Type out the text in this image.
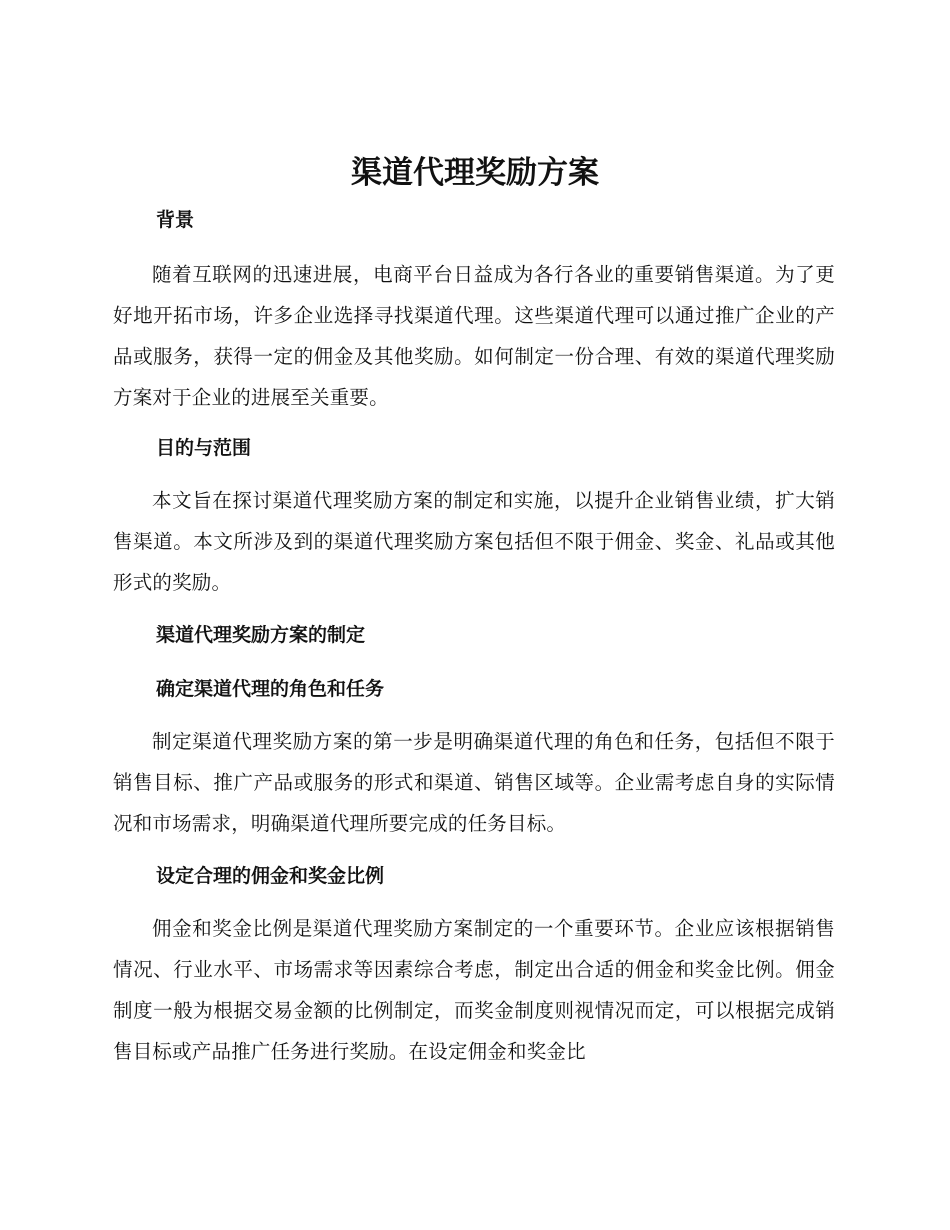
渠道代理奖励方案
背景

随着互联网的迅速进展，电商平台日益成为各行各业的重要销售渠道。为了更好地开拓市场，许多企业选择寻找渠道代理。这些渠道代理可以通过推广企业的产品或服务，获得一定的佣金及其他奖励。如何制定一份合理、有效的渠道代理奖励方案对于企业的进展至关重要。

目的与范围

本文旨在探讨渠道代理奖励方案的制定和实施，以提升企业销售业绩，扩大销售渠道。本文所涉及到的渠道代理奖励方案包括但不限于佣金、奖金、礼品或其他形式的奖励。

渠道代理奖励方案的制定
确定渠道代理的角色和任务

制定渠道代理奖励方案的第一步是明确渠道代理的角色和任务，包括但不限于销售目标、推广产品或服务的形式和渠道、销售区域等。企业需考虑自身的实际情况和市场需求，明确渠道代理所要完成的任务目标。

设定合理的佣金和奖金比例

佣金和奖金比例是渠道代理奖励方案制定的一个重要环节。企业应该根据销售情况、行业水平、市场需求等因素综合考虑，制定出合适的佣金和奖金比例。佣金制度一般为根据交易金额的比例制定，而奖金制度则视情况而定，可以根据完成销售目标或产品推广任务进行奖励。在设定佣金和奖金比
